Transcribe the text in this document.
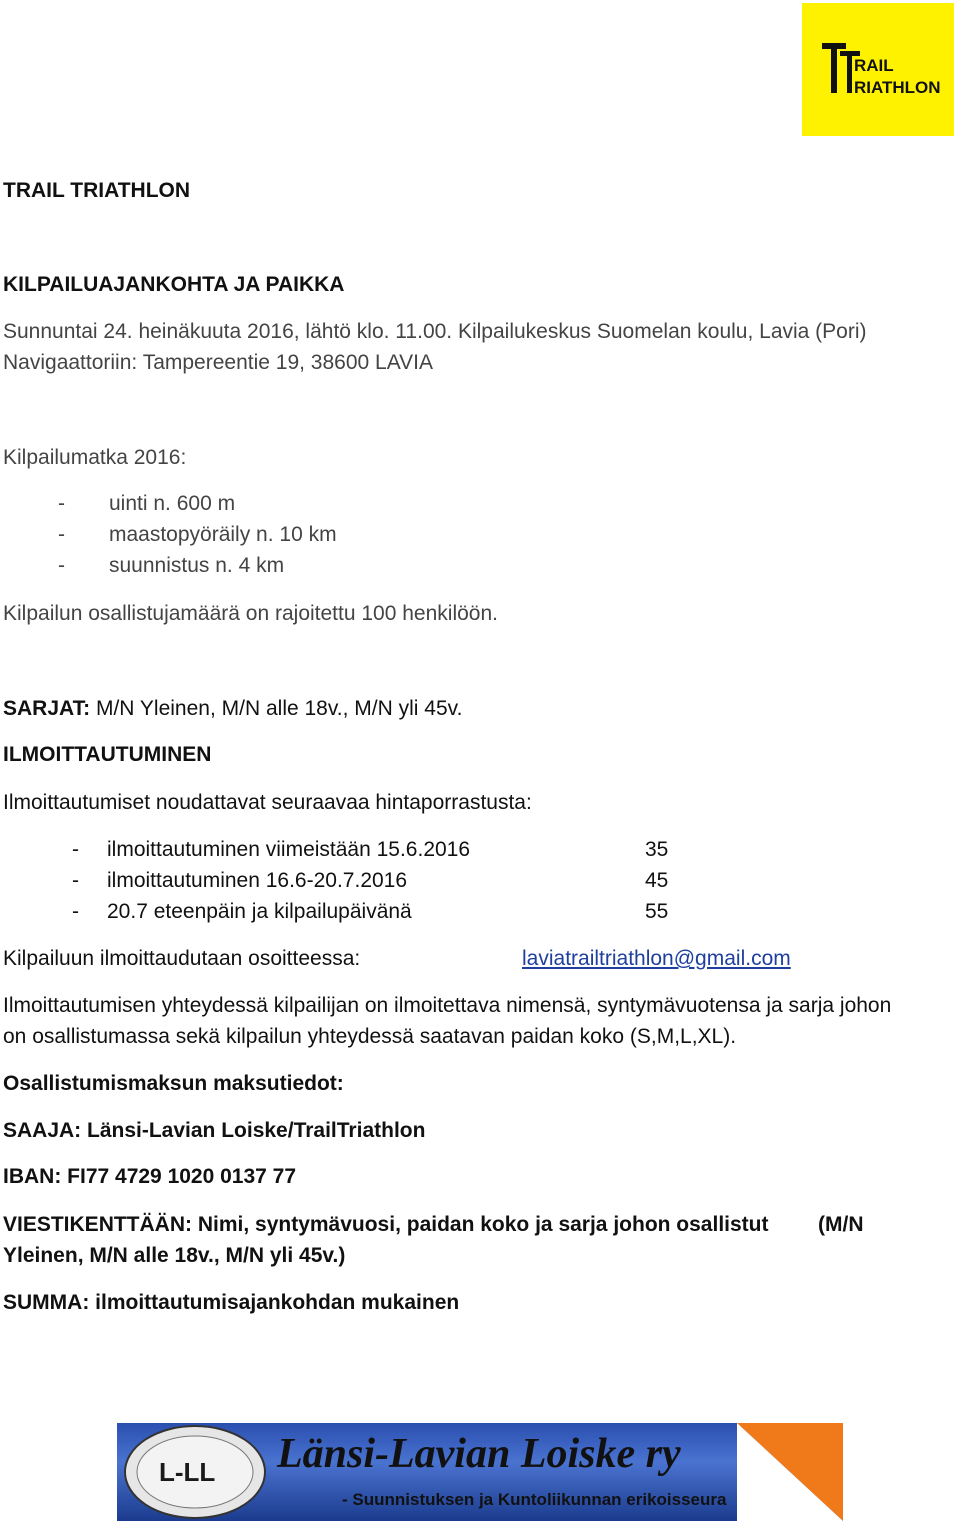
RAIL
RIATHLON
TRAIL TRIATHLON
KILPAILUAJANKOHTA JA PAIKKA
Sunnuntai 24. heinäkuuta 2016, lähtö klo. 11.00. Kilpailukeskus Suomelan koulu, Lavia (Pori)
Navigaattoriin: Tampereentie 19, 38600 LAVIA
Kilpailumatka 2016:
- uinti n. 600 m
- maastopyöräily n. 10 km
- suunnistus n. 4 km
Kilpailun osallistujamäärä on rajoitettu 100 henkilöön.
SARJAT: M/N Yleinen, M/N alle 18v., M/N yli 45v.
ILMOITTAUTUMINEN
Ilmoittautumiset noudattavat seuraavaa hintaporrastusta:
- ilmoittautuminen viimeistään 15.6.2016	35
- ilmoittautuminen 16.6-20.7.2016	45
- 20.7 eteenpäin ja kilpailupäivänä	55
Kilpailuun ilmoittaudutaan osoitteessa:	laviatrailtriathlon@gmail.com
Ilmoittautumisen yhteydessä kilpailijan on ilmoitettava nimensä, syntymävuotensa ja sarja johon
on osallistumassa sekä kilpailun yhteydessä saatavan paidan koko (S,M,L,XL).
Osallistumismaksun maksutiedot:
SAAJA: Länsi-Lavian Loiske/TrailTriathlon
IBAN: FI77 4729 1020 0137 77
VIESTIKENTTÄÄN: Nimi, syntymävuosi, paidan koko ja sarja johon osallistut (M/N
Yleinen, M/N alle 18v., M/N yli 45v.)
SUMMA: ilmoittautumisajankohdan mukainen
L-LL Länsi-Lavian Loiske ry
- Suunnistuksen ja Kuntoliikunnan erikoisseura
